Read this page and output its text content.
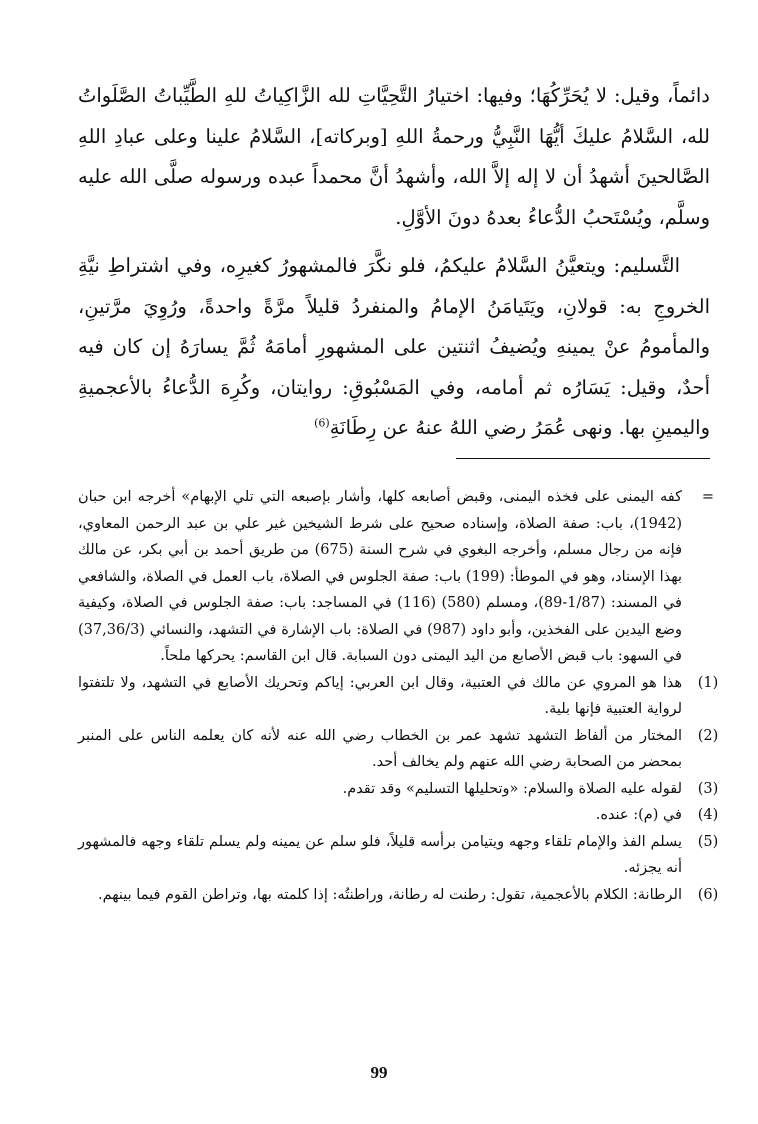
دائماً، وقيل: لا يُحَرِّكُهَا؛ وفيها: اختيارُ التَّحِيَّاتِ لله الزَّاكِياتُ للهِ الطَّيِّباتُ الصَّلَواتُ لله، السَّلامُ عليكَ أيُّهَا النَّبِيُّ ورحمةُ اللهِ [وبركاته]، السَّلامُ علينا وعلى عبادِ اللهِ الصَّالحينَ أشهدُ أن لا إله إلاَّ الله، وأشهدُ أنَّ محمداً عبده ورسوله صلَّى الله عليه وسلَّم، ويُسْتَحبُ الدُّعاءُ بعدهُ دونَ الأوَّلِ.

التَّسليم: ويتعيَّنُ السَّلامُ عليكمُ، فلو نكَّرَ فالمشهورُ كغيرِه، وفي اشتراطِ نيَّةِ الخروجِ به: قولانِ، ويَتَيامَنُ الإمامُ والمنفردُ قليلاً مرَّةً واحدةً، ورُوِيَ مرَّتينِ، والمأمومُ عنْ يمينهِ ويُضيفُ اثنتين على المشهورِ أمامَهُ ثُمَّ يسارَهُ إن كان فيه أحدٌ، وقيل: يَسَارُه ثم أمامه، وفي المَسْبُوقِ: روايتان، وكُرِهَ الدُّعاءُ بالأعجميةِ واليمينِ بها. ونهى عُمَرُ رضي اللهُ عنهُ عن رِطَانَةِ$^{(6)}$

=

كفه اليمنى على فخذه اليمنى، وقبض أصابعه كلها، وأشار بإصبعه التي تلي الإبهام» أخرجه ابن حبان (1942)، باب: صفة الصلاة، وإسناده صحيح على شرط الشيخين غير علي بن عبد الرحمن المعاوي، فإنه من رجال مسلم، وأخرجه البغوي في شرح السنة (675) من طريق أحمد بن أبي بكر، عن مالك بهذا الإسناد، وهو في الموطأ: (199) باب: صفة الجلوس في الصلاة، باب العمل في الصلاة، والشافعي في المسند: (1/87-89)، ومسلم (580) (116) في المساجد: باب: صفة الجلوس في الصلاة، وكيفية وضع اليدين على الفخذين، وأبو داود (987) في الصلاة: باب الإشارة في التشهد، والنسائي (37,36/3) في السهو: باب قبض الأصابع من اليد اليمنى دون السبابة. قال ابن القاسم: يحركها ملحاً.

(1)

هذا هو المروي عن مالك في العتبية، وقال ابن العربي: إياكم وتحريك الأصابع في التشهد، ولا تلتفتوا لرواية العتبية فإنها بلية.

(2)

المختار من ألفاظ التشهد تشهد عمر بن الخطاب رضي الله عنه لأنه كان يعلمه الناس على المنبر بمحضر من الصحابة رضي الله عنهم ولم يخالف أحد.

(3)

لقوله عليه الصلاة والسلام: «وتحليلها التسليم» وقد تقدم.

(4)

في (م): عنده.

(5)

يسلم الفذ والإمام تلقاء وجهه ويتيامن برأسه قليلاً، فلو سلم عن يمينه ولم يسلم تلقاء وجهه فالمشهور أنه يجزئه.

(6)

الرطانة: الكلام بالأعجمية، تقول: رطنت له رطانة، وراطنتُه: إذا كلمته بها، وتراطن القوم فيما بينهم.

99
